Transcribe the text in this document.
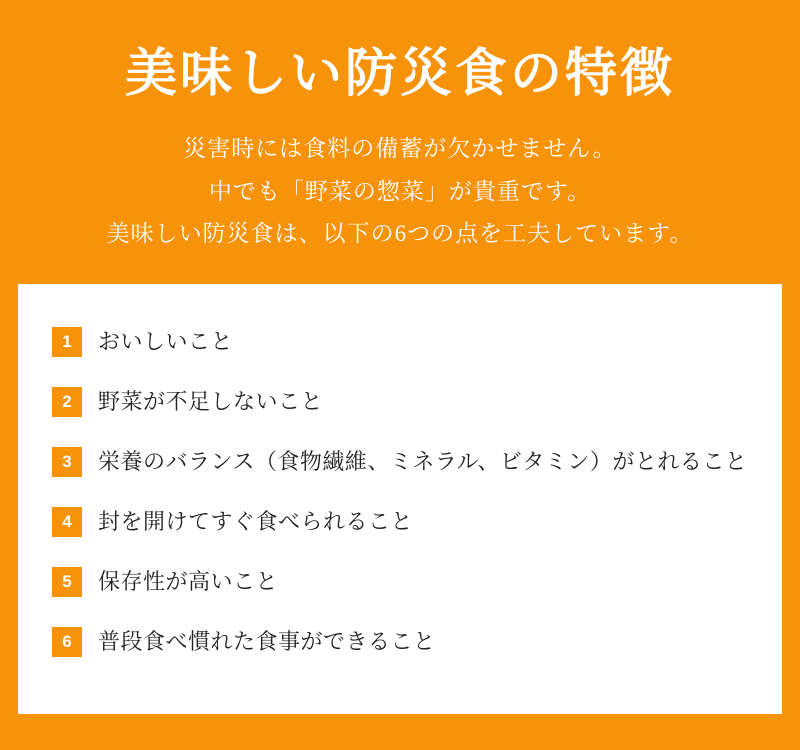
美味しい防災食の特徴
災害時には食料の備蓄が欠かせません。
中でも「野菜の惣菜」が貴重です。
美味しい防災食は、以下の6つの点を工夫しています。
1	おいしいこと
2	野菜が不足しないこと
3	栄養のバランス（食物繊維、ミネラル、ビタミン）がとれること
4	封を開けてすぐ食べられること
5	保存性が高いこと
6	普段食べ慣れた食事ができること
